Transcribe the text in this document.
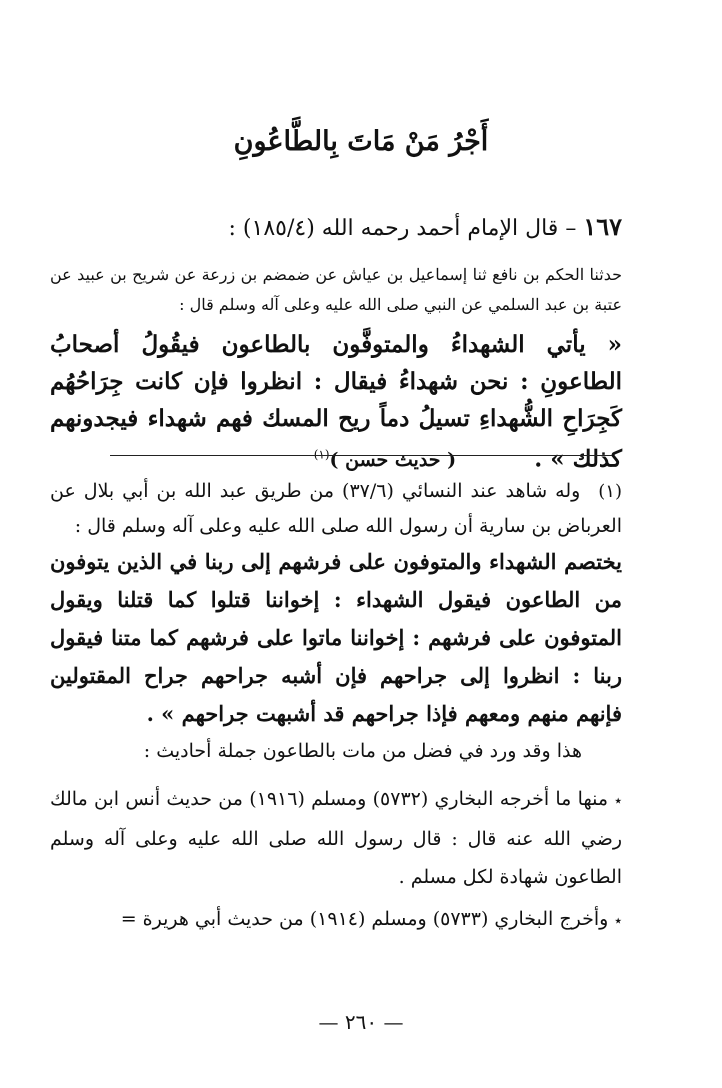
أَجْرُ مَنْ مَاتَ بِالطَّاعُونِ
١٦٧ – قال الإمام أحمد رحمه الله (١٨٥/٤) :
حدثنا الحكم بن نافع ثنا إسماعيل بن عياش عن ضمضم بن زرعة عن شريح بن عبيد عن عتبة بن عبد السلمي عن النبي صلى الله عليه وعلى آله وسلم قال :
« يأتي الشهداءُ والمتوفَّون بالطاعون فيقُولُ أصحابُ الطاعونِ : نحن شهداءُ فيقال : انظروا فإن كانت جِرَاحُهُم كَجِرَاحِ الشُّهداءِ تسيلُ دماً ريح المسك فهم شهداء فيجدونهم كذلك » . ( حديث حسن )$^{(١)}$
(١) وله شاهد عند النسائي (٣٧/٦) من طريق عبد الله بن أبي بلال عن العرباض بن سارية أن رسول الله صلى الله عليه وعلى آله وسلم قال :
يختصم الشهداء والمتوفون على فرشهم إلى ربنا في الذين يتوفون من الطاعون فيقول الشهداء : إخواننا قتلوا كما قتلنا ويقول المتوفون على فرشهم : إخواننا ماتوا على فرشهم كما متنا فيقول ربنا : انظروا إلى جراحهم فإن أشبه جراحهم جراح المقتولين فإنهم منهم ومعهم فإذا جراحهم قد أشبهت جراحهم » .
هذا وقد ورد في فضل من مات بالطاعون جملة أحاديث :
٭ منها ما أخرجه البخاري (٥٧٣٢) ومسلم (١٩١٦) من حديث أنس ابن مالك رضي الله عنه قال : قال رسول الله صلى الله عليه وعلى آله وسلم الطاعون شهادة لكل مسلم .
٭ وأخرج البخاري (٥٧٣٣) ومسلم (١٩١٤) من حديث أبي هريرة =
— ٢٦٠ —
